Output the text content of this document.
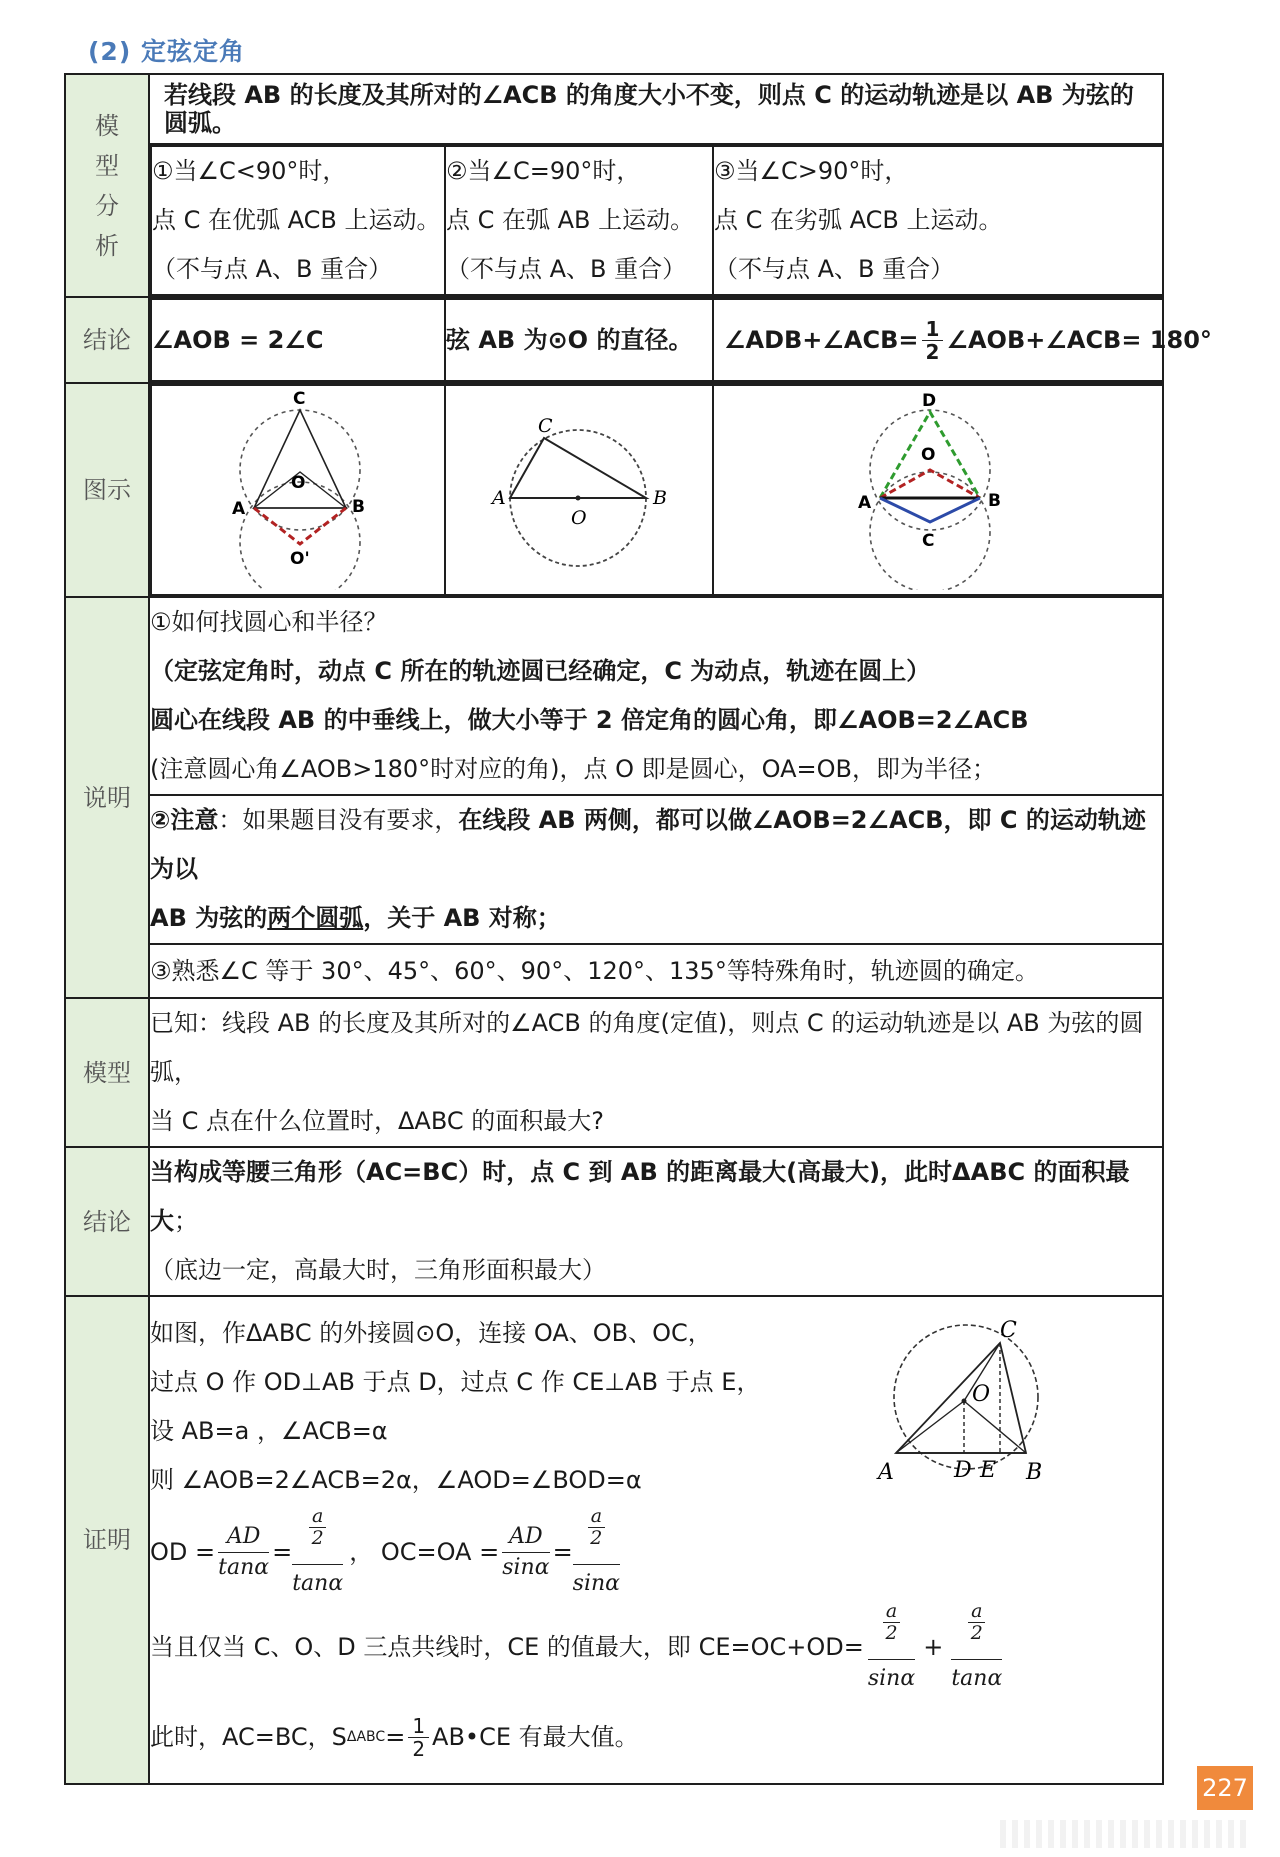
(2) 定弦定角
模型分析
	若线段 AB 的长度及其所对的∠ACB 的角度大小不变，则点 C 的运动轨迹是以 AB 为弦的圆弧。

①当∠C<90°时，
点 C 在优弧 ACB 上运动。
（不与点 A、B 重合）

②当∠C=90°时，
点 C 在弧 AB 上运动。
（不与点 A、B 重合）

③当∠C>90°时，
点 C 在劣弧 ACB 上运动。
（不与点 A、B 重合）

结论	∠AOB = 2∠C	弦 AB 为⊙O 的直径。	∠ADB+∠ACB= $\frac{1}{2}$ ∠AOB+∠ACB= 180°

图示	
C
O
A	B
O'

C
A	B
O

D
O
A	B
C

说明	
①如何找圆心和半径？（定弦定角时，动点 C 所在的轨迹圆已经确定，C 为动点，轨迹在圆上）
圆心在线段 AB 的中垂线上，做大小等于 2 倍定角的圆心角，即∠AOB=2∠ACB
(注意圆心角∠AOB>180°时对应的角)，点 O 即是圆心，OA=OB，即为半径；

②注意：如果题目没有要求，在线段 AB 两侧，都可以做∠AOB=2∠ACB，即 C 的运动轨迹为以
AB 为弦的两个圆弧，关于 AB 对称；

③熟悉∠C 等于 30°、45°、60°、90°、120°、135°等特殊角时，轨迹圆的确定。
模型	
已知：线段 AB 的长度及其所对的∠ACB 的角度(定值)，则点 C 的运动轨迹是以 AB 为弦的圆弧，
当 C 点在什么位置时，ΔABC 的面积最大?

结论	
当构成等腰三角形（AC=BC）时，点 C 到 AB 的距离最大(高最大)，此时ΔABC 的面积最大；
（底边一定，高最大时，三角形面积最大）

证明	
如图，作ΔABC 的外接圆⊙O，连接 OA、OB、OC，
过点 O 作 OD⊥AB 于点 D，过点 C 作 CE⊥AB 于点 E，
设 AB=a ，∠ACB=α
则 ∠AOB=2∠ACB=2α，∠AOD=∠BOD=α
OD = $\frac{AD}{\tan\alpha} = \frac{\frac{a}{2}}{\tan\alpha}$ ， $OC=OA = \frac{AD}{\sin\alpha} = \frac{\frac{a}{2}}{\sin\alpha}$
当且仅当 C、O、D 三点共线时，CE 的值最大，即 $CE=OC+OD= \frac{\frac{a}{2}}{\sin\alpha} + \frac{\frac{a}{2}}{\tan\alpha}$
此时，AC=BC，S $\Delta ABC = \frac{1}{2}$ AB•CE 有最大值。
C
O
A	D E B
227
